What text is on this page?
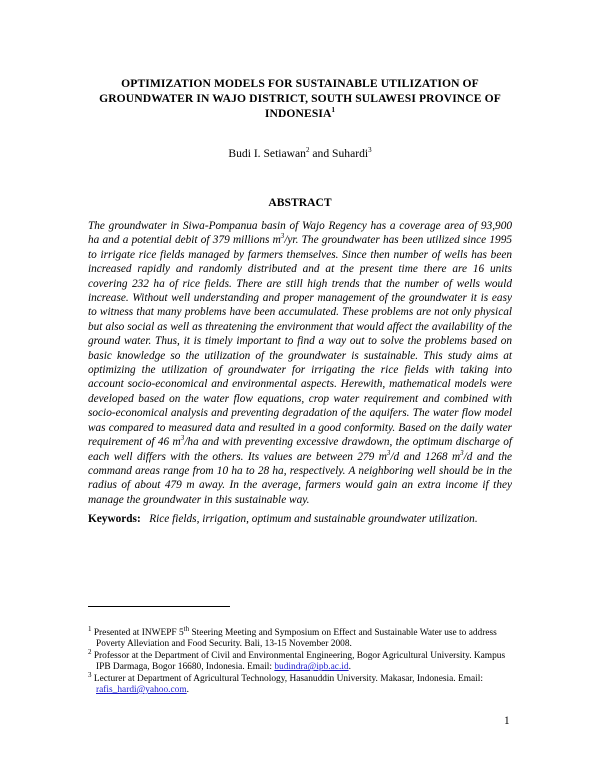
OPTIMIZATION MODELS FOR SUSTAINABLE UTILIZATION OF
GROUNDWATER IN WAJO DISTRICT, SOUTH SULAWESI PROVINCE OF
INDONESIA$^1$
Budi I. Setiawan$^2$ and Suhardi$^3$
ABSTRACT

The groundwater in Siwa-Pompanua basin of Wajo Regency has a coverage area of 93,900 ha and a potential debit of 379 millions $m^3/yr$. The groundwater has been utilized since 1995 to irrigate rice fields managed by farmers themselves. Since then number of wells has been increased rapidly and randomly distributed and at the present time there are 16 units covering 232 ha of rice fields. There are still high trends that the number of wells would increase. Without well understanding and proper management of the groundwater it is easy to witness that many problems have been accumulated. These problems are not only physical but also social as well as threatening the environment that would affect the availability of the ground water. Thus, it is timely important to find a way out to solve the problems based on basic knowledge so the utilization of the groundwater is sustainable. This study aims at optimizing the utilization of groundwater for irrigating the rice fields with taking into account socio-economical and environmental aspects. Herewith, mathematical models were developed based on the water flow equations, crop water requirement and combined with socio-economical analysis and preventing degradation of the aquifers. The water flow model was compared to measured data and resulted in a good conformity. Based on the daily water requirement of 46 $m^3/ha$ and with preventing excessive drawdown, the optimum discharge of each well differs with the others. Its values are between 279 $m^3/d$ and 1268 $m^3/d$ and the command areas range from 10 ha to 28 ha, respectively. A neighboring well should be in the radius of about 479 m away. In the average, farmers would gain an extra income if they manage the groundwater in this sustainable way.

Keywords: Rice fields, irrigation, optimum and sustainable groundwater utilization.

$^1$ Presented at INWEPF 5th Steering Meeting and Symposium on Effect and Sustainable Water use to address Poverty Alleviation and Food Security. Bali, 13-15 November 2008.

$^2$ Professor at the Department of Civil and Environmental Engineering, Bogor Agricultural University. Kampus IPB Darmaga, Bogor 16680, Indonesia. Email: budindra@ipb.ac.id.

$^3$ Lecturer at Department of Agricultural Technology, Hasanuddin University. Makasar, Indonesia. Email: rafis_hardi@yahoo.com.

1
